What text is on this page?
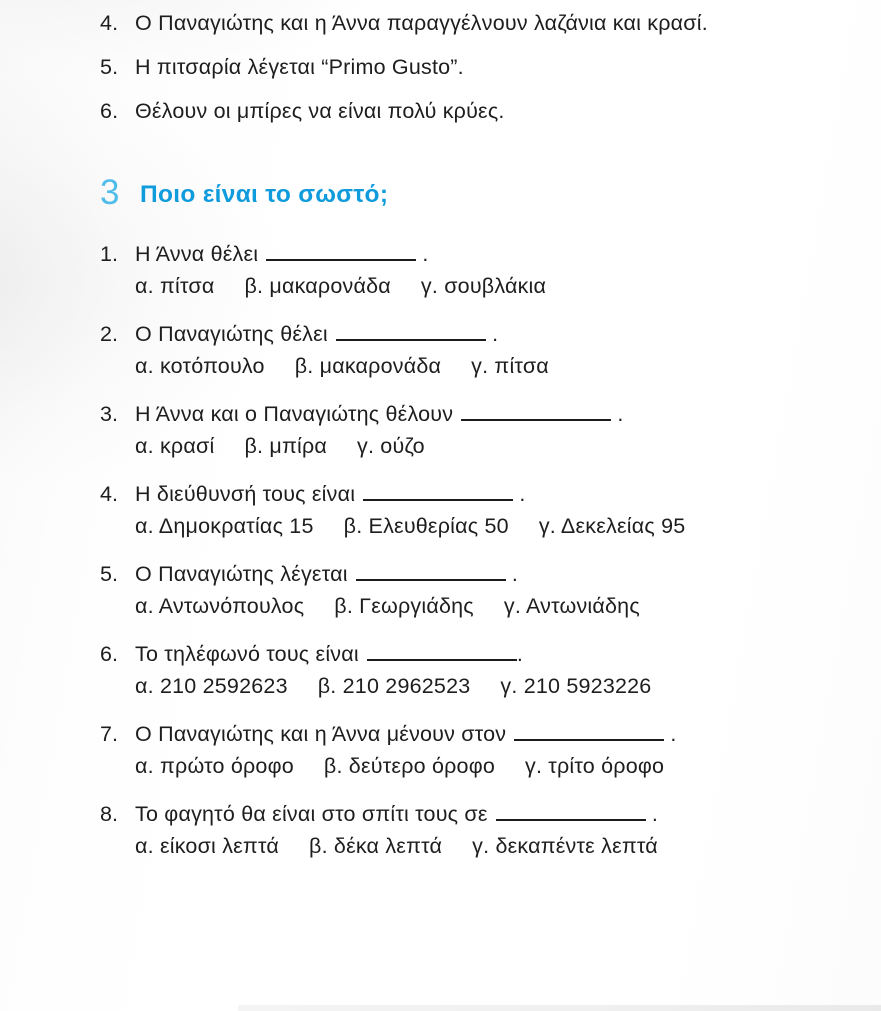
4. Ο Παναγιώτης και η Άννα παραγγέλνουν λαζάνια και κρασί.
5. Η πιτσαρία λέγεται “Primo Gusto”.
6. Θέλουν οι μπίρες να είναι πολύ κρύες.
3 Ποιο είναι το σωστό;
1. Η Άννα θέλει	.
α. πίτσα β. μακαρονάδα γ. σουβλάκια
2. Ο Παναγιώτης θέλει	.
α. κοτόπουλο β. μακαρονάδα γ. πίτσα
3. Η Άννα και ο Παναγιώτης θέλουν	.
α. κρασί β. μπίρα γ. ούζο
4. Η διεύθυνσή τους είναι	.
α. Δημοκρατίας 15 β. Ελευθερίας 50 γ. Δεκελείας 95
5. Ο Παναγιώτης λέγεται	.
α. Αντωνόπουλος β. Γεωργιάδης γ. Αντωνιάδης
6. Το τηλέφωνό τους είναι	.
α. 210 2592623 β. 210 2962523 γ. 210 5923226
7. Ο Παναγιώτης και η Άννα μένουν στον	.
α. πρώτο όροφο β. δεύτερο όροφο γ. τρίτο όροφο
8. Το φαγητό θα είναι στο σπίτι τους σε	.
α. είκοσι λεπτά β. δέκα λεπτά γ. δεκαπέντε λεπτά
